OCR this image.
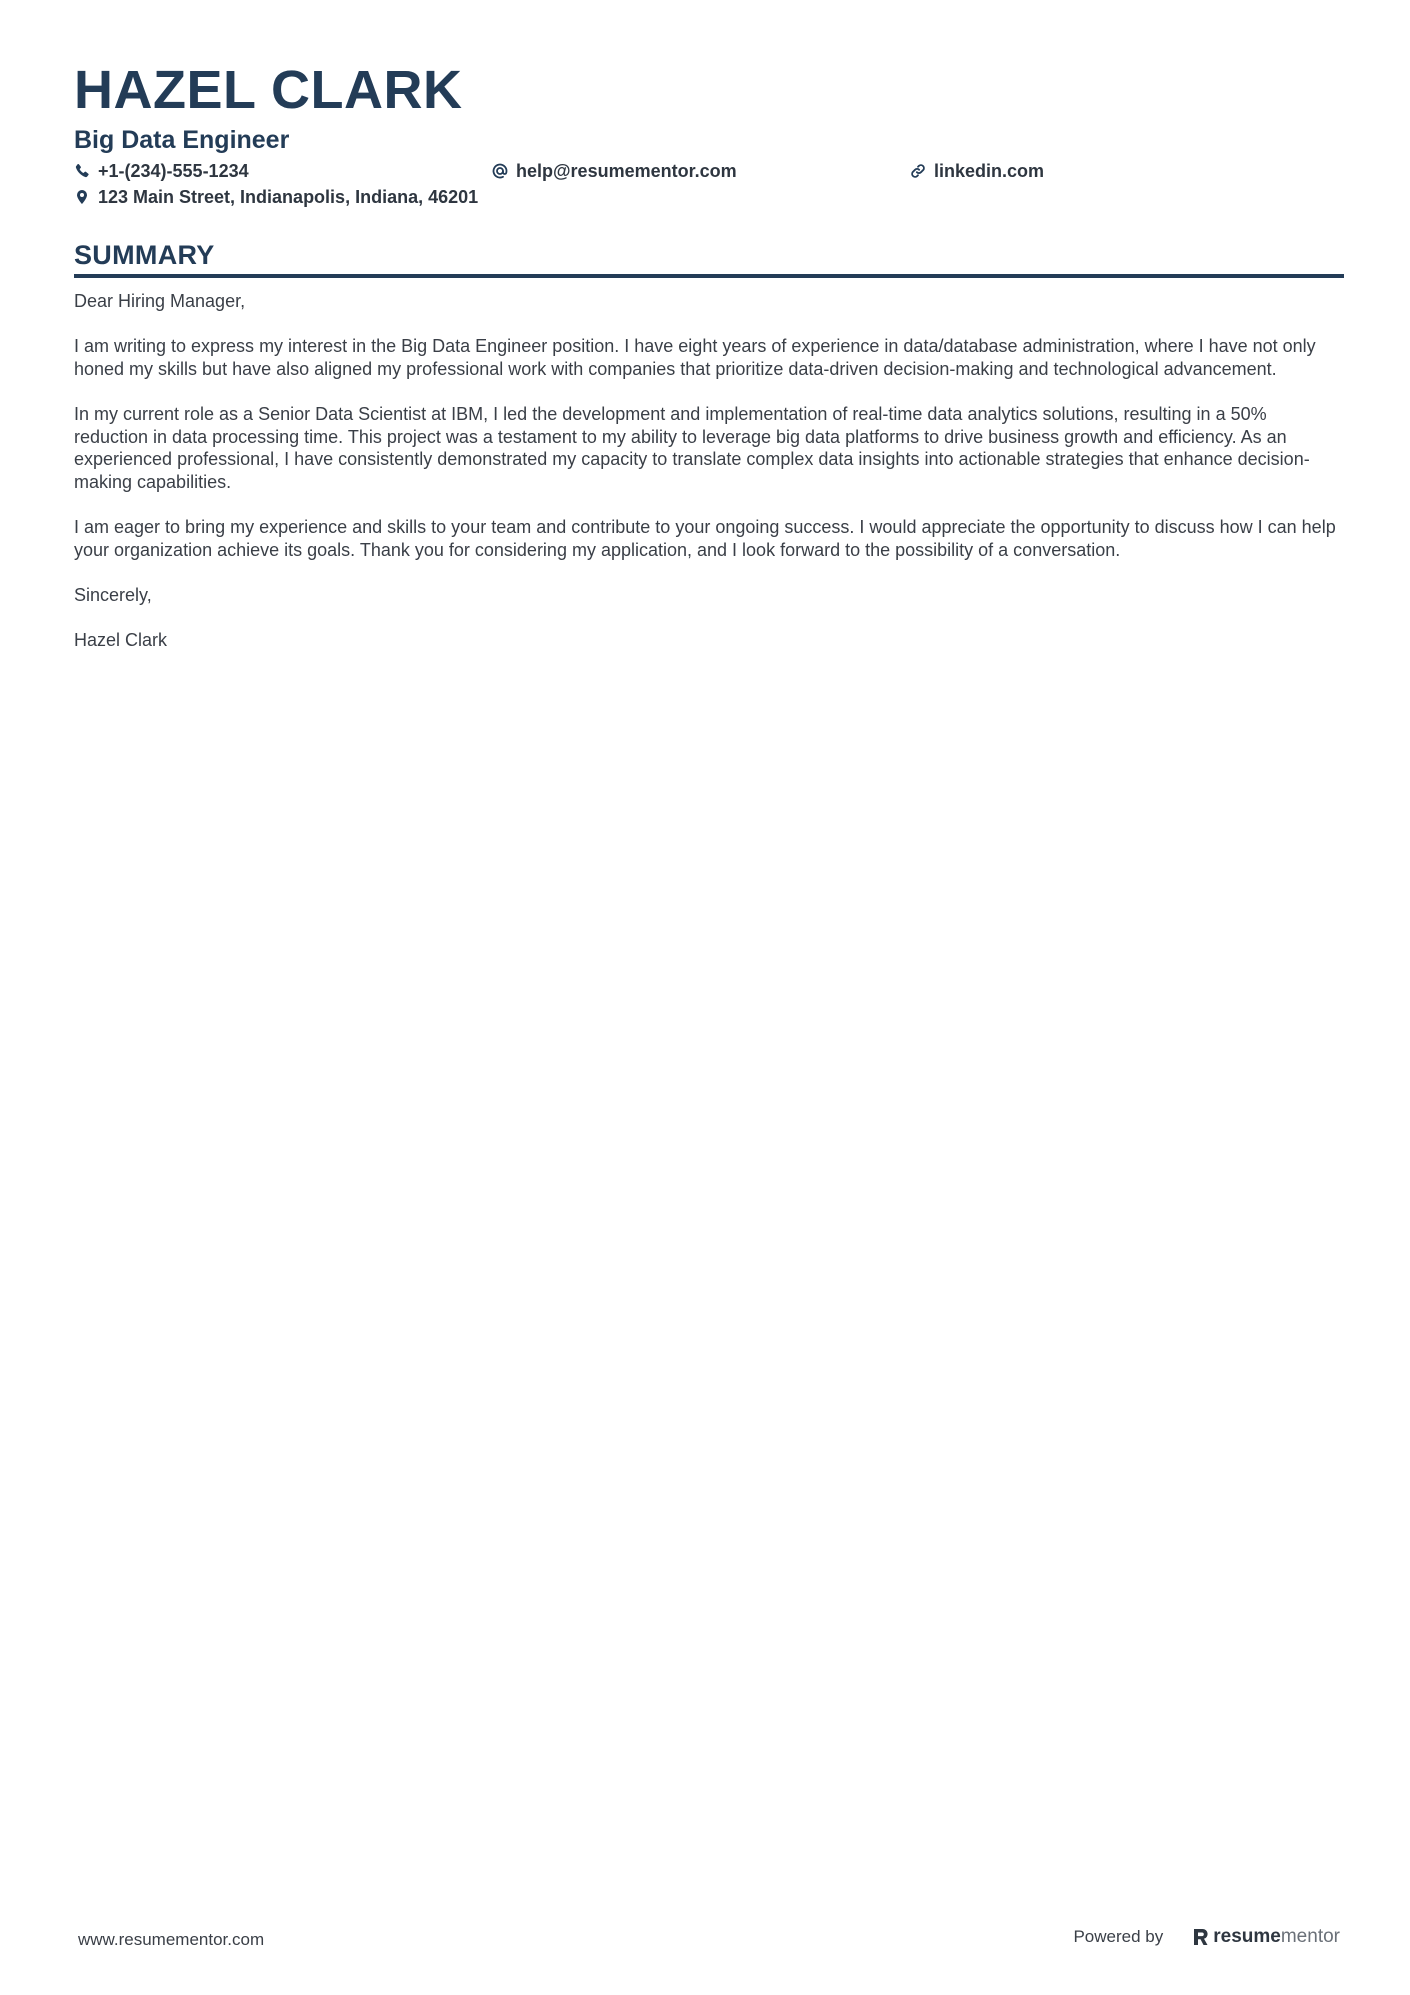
HAZEL CLARK
Big Data Engineer
+1-(234)-555-1234	help@resumementor.com	linkedin.com
123 Main Street, Indianapolis, Indiana, 46201
SUMMARY

Dear Hiring Manager,

I am writing to express my interest in the Big Data Engineer position. I have eight years of experience in data/database administration, where I have not only honed my skills but have also aligned my professional work with companies that prioritize data-driven decision-making and technological advancement.

In my current role as a Senior Data Scientist at IBM, I led the development and implementation of real-time data analytics solutions, resulting in a 50% reduction in data processing time. This project was a testament to my ability to leverage big data platforms to drive business growth and efficiency. As an experienced professional, I have consistently demonstrated my capacity to translate complex data insights into actionable strategies that enhance decision-making capabilities.

I am eager to bring my experience and skills to your team and contribute to your ongoing success. I would appreciate the opportunity to discuss how I can help your organization achieve its goals. Thank you for considering my application, and I look forward to the possibility of a conversation.

Sincerely,

Hazel Clark

www.resumementor.com	Powered by	resume mentor
